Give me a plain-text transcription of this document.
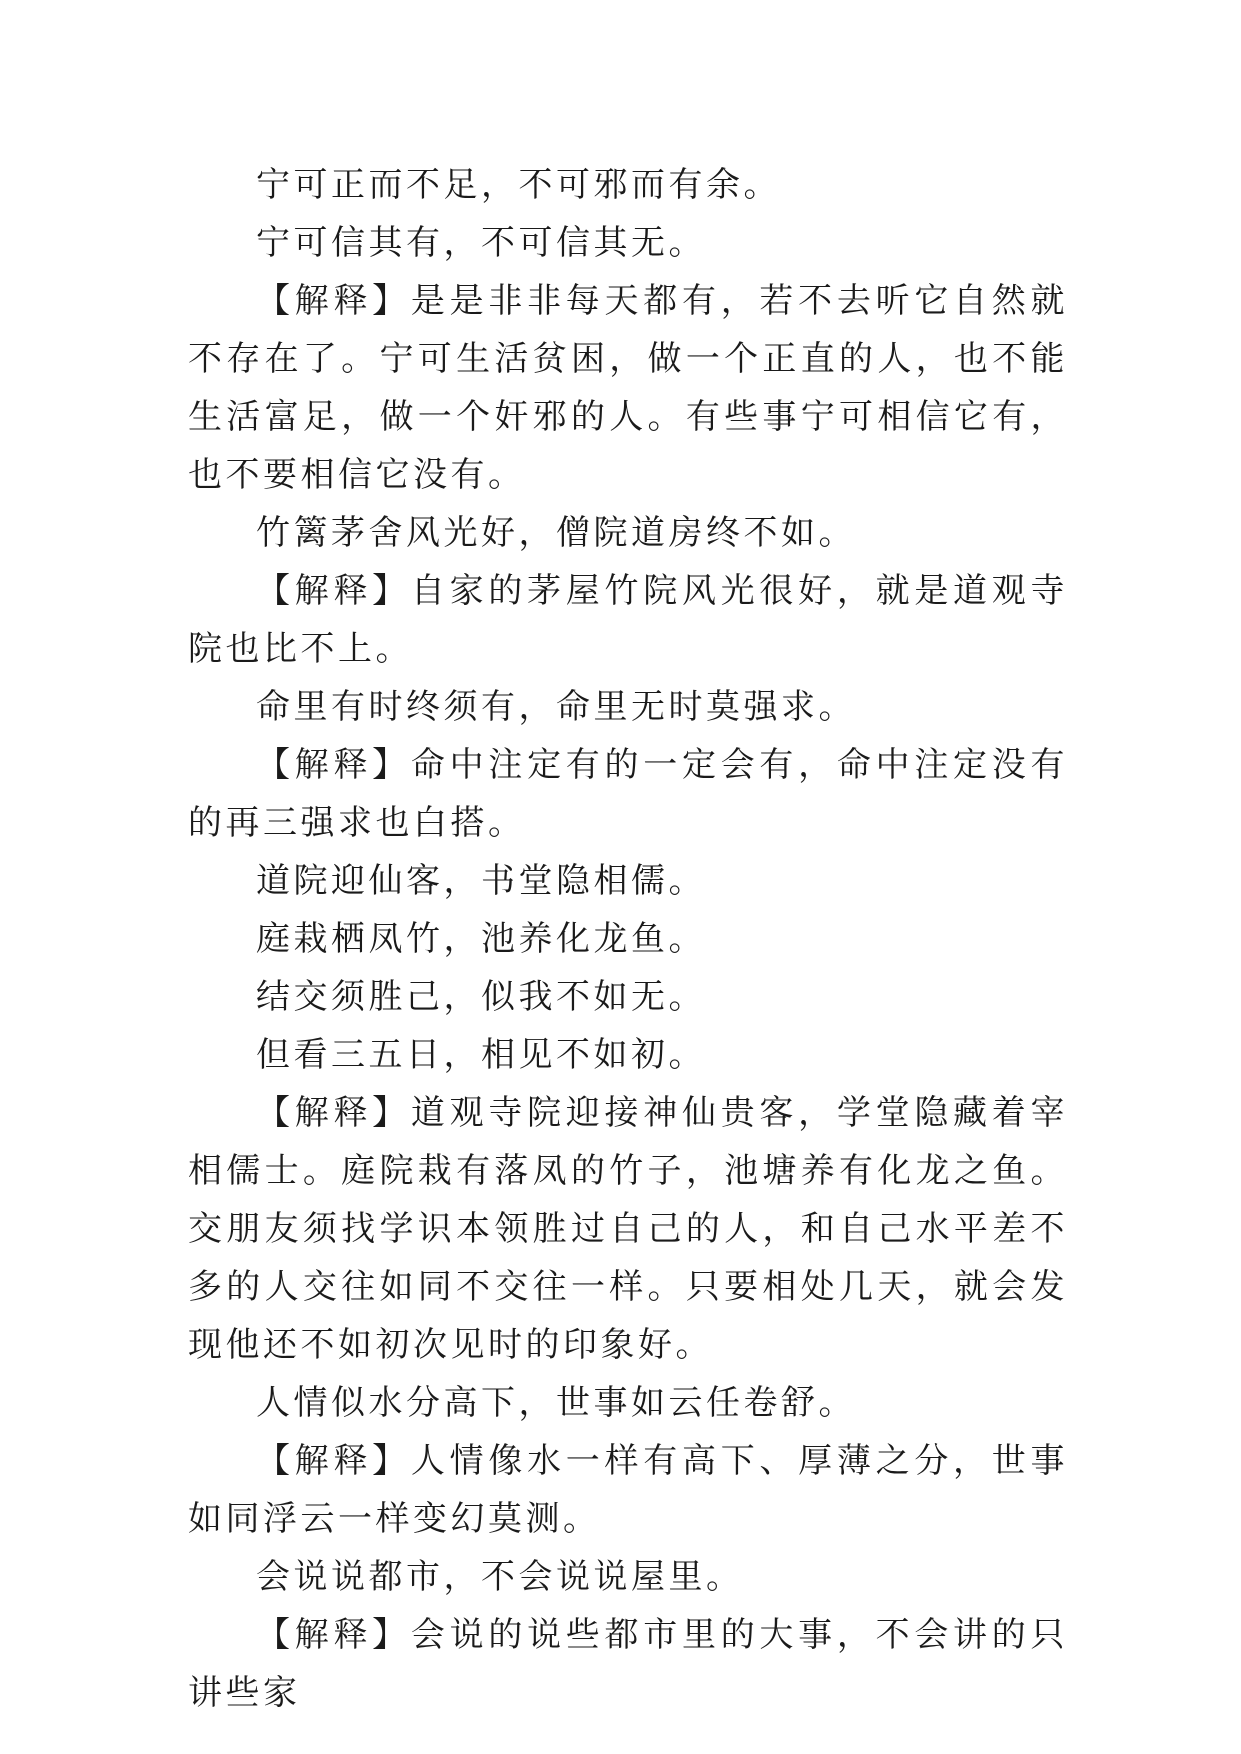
宁可正而不足，不可邪而有余。

宁可信其有，不可信其无。

【解释】是是非非每天都有，若不去听它自然就不存在了。宁可生活贫困，做一个正直的人，也不能生活富足，做一个奸邪的人。有些事宁可相信它有，也不要相信它没有。

竹篱茅舍风光好，僧院道房终不如。

【解释】自家的茅屋竹院风光很好，就是道观寺院也比不上。

命里有时终须有，命里无时莫强求。

【解释】命中注定有的一定会有，命中注定没有的再三强求也白搭。

道院迎仙客，书堂隐相儒。

庭栽栖凤竹，池养化龙鱼。

结交须胜己，似我不如无。

但看三五日，相见不如初。

【解释】道观寺院迎接神仙贵客，学堂隐藏着宰相儒士。庭院栽有落凤的竹子，池塘养有化龙之鱼。交朋友须找学识本领胜过自己的人，和自己水平差不多的人交往如同不交往一样。只要相处几天，就会发现他还不如初次见时的印象好。

人情似水分高下，世事如云任卷舒。

【解释】人情像水一样有高下、厚薄之分，世事如同浮云一样变幻莫测。

会说说都市，不会说说屋里。

【解释】会说的说些都市里的大事，不会讲的只讲些家
